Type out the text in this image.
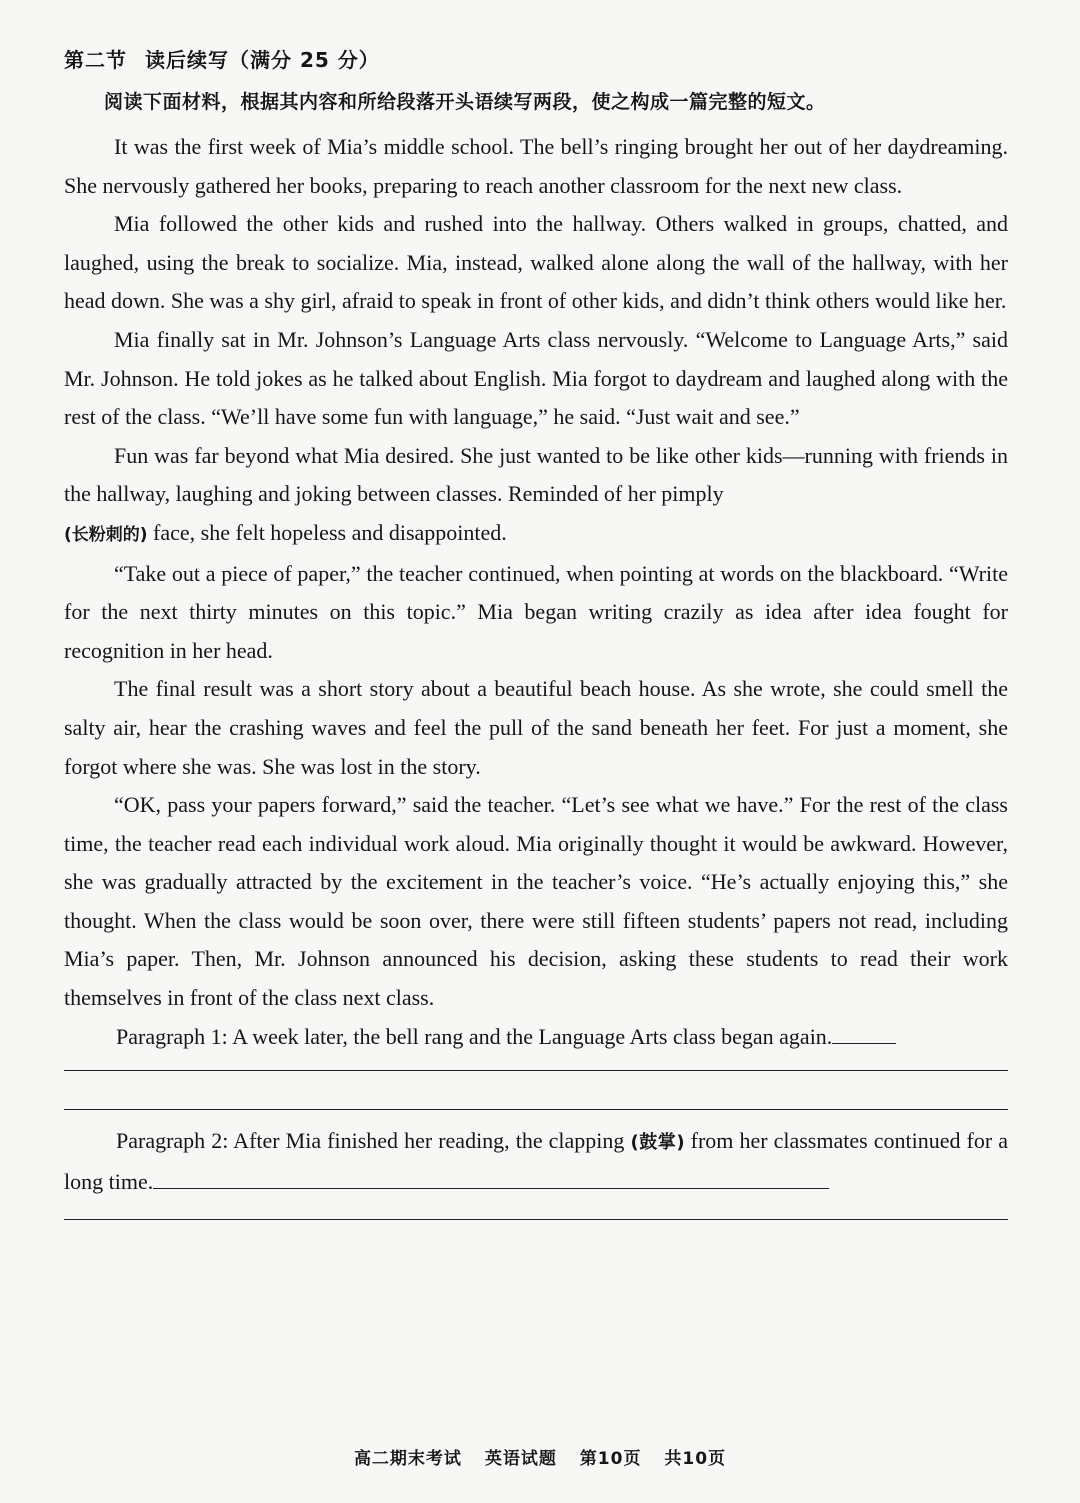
第二节 读后续写（满分 25 分）
阅读下面材料，根据其内容和所给段落开头语续写两段，使之构成一篇完整的短文。

It was the first week of Mia’s middle school. The bell’s ringing brought her out of her daydreaming. She nervously gathered her books, preparing to reach another classroom for the next new class.

Mia followed the other kids and rushed into the hallway. Others walked in groups, chatted, and laughed, using the break to socialize. Mia, instead, walked alone along the wall of the hallway, with her head down. She was a shy girl, afraid to speak in front of other kids, and didn’t think others would like her.

Mia finally sat in Mr. Johnson’s Language Arts class nervously. “Welcome to Language Arts,” said Mr. Johnson. He told jokes as he talked about English. Mia forgot to daydream and laughed along with the rest of the class. “We’ll have some fun with language,” he said. “Just wait and see.”

Fun was far beyond what Mia desired. She just wanted to be like other kids—running with friends in the hallway, laughing and joking between classes. Reminded of her pimply
(长粉刺的) face, she felt hopeless and disappointed.

“Take out a piece of paper,” the teacher continued, when pointing at words on the blackboard. “Write for the next thirty minutes on this topic.” Mia began writing crazily as idea after idea fought for recognition in her head.

The final result was a short story about a beautiful beach house. As she wrote, she could smell the salty air, hear the crashing waves and feel the pull of the sand beneath her feet. For just a moment, she forgot where she was. She was lost in the story.

“OK, pass your papers forward,” said the teacher. “Let’s see what we have.” For the rest of the class time, the teacher read each individual work aloud. Mia originally thought it would be awkward. However, she was gradually attracted by the excitement in the teacher’s voice. “He’s actually enjoying this,” she thought. When the class would be soon over, there were still fifteen students’ papers not read, including Mia’s paper. Then, Mr. Johnson announced his decision, asking these students to read their work themselves in front of the class next class.

Paragraph 1: A week later, the bell rang and the Language Arts class began again.

Paragraph 2: After Mia finished her reading, the clapping (鼓掌) from her classmates continued for a long time.

高二期末考试 英语试题 第10页 共10页
